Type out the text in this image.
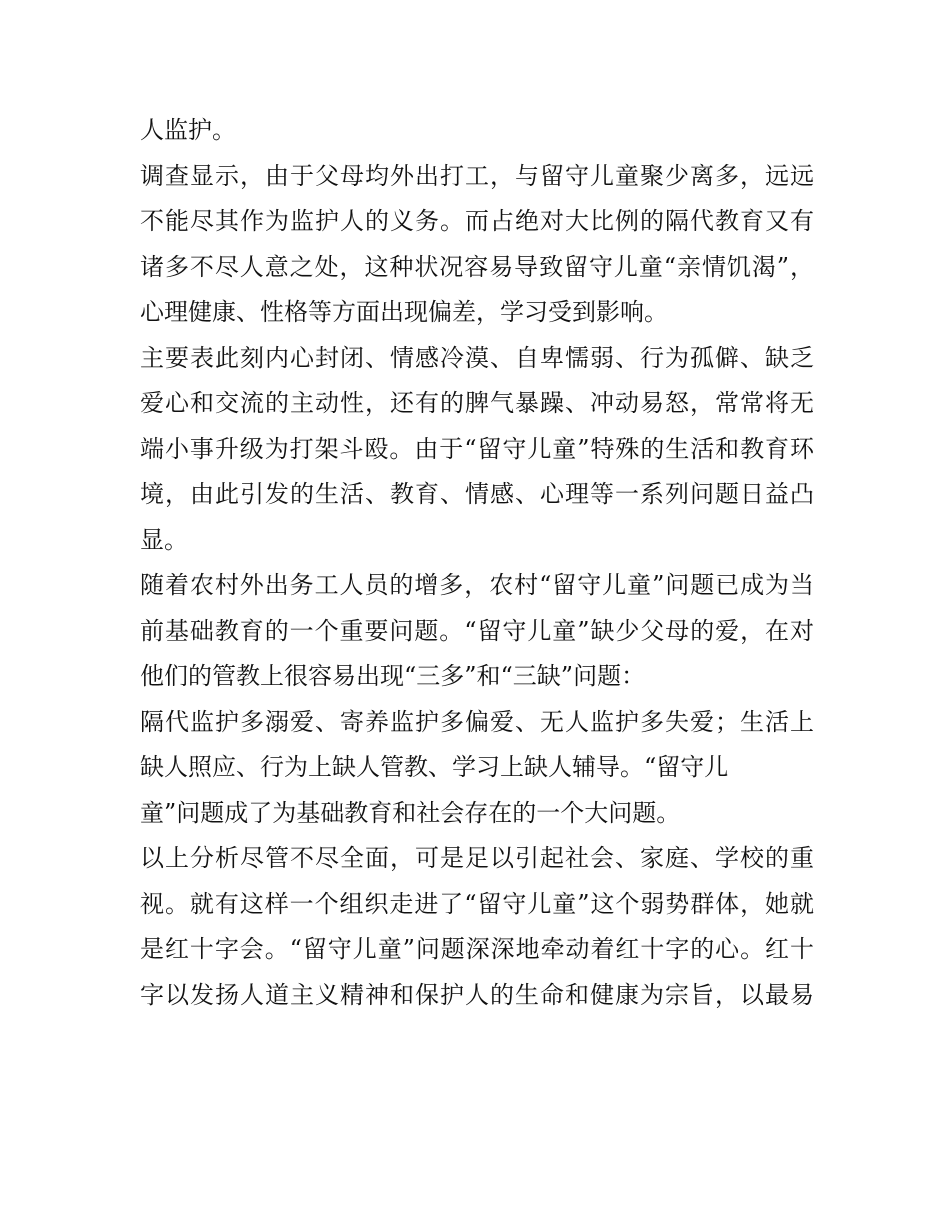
人监护。
调查显示，由于父母均外出打工，与留守儿童聚少离多，远远
不能尽其作为监护人的义务。而占绝对大比例的隔代教育又有
诸多不尽人意之处，这种状况容易导致留守儿童“亲情饥渴”，
心理健康、性格等方面出现偏差，学习受到影响。
主要表此刻内心封闭、情感冷漠、自卑懦弱、行为孤僻、缺乏
爱心和交流的主动性，还有的脾气暴躁、冲动易怒，常常将无
端小事升级为打架斗殴。由于“留守儿童”特殊的生活和教育环
境，由此引发的生活、教育、情感、心理等一系列问题日益凸
显。
随着农村外出务工人员的增多，农村“留守儿童”问题已成为当
前基础教育的一个重要问题。“留守儿童”缺少父母的爱，在对
他们的管教上很容易出现“三多”和“三缺”问题：
隔代监护多溺爱、寄养监护多偏爱、无人监护多失爱；生活上
缺人照应、行为上缺人管教、学习上缺人辅导。“留守儿
童”问题成了为基础教育和社会存在的一个大问题。
以上分析尽管不尽全面，可是足以引起社会、家庭、学校的重
视。就有这样一个组织走进了“留守儿童”这个弱势群体，她就
是红十字会。“留守儿童”问题深深地牵动着红十字的心。红十
字以发扬人道主义精神和保护人的生命和健康为宗旨，以最易
